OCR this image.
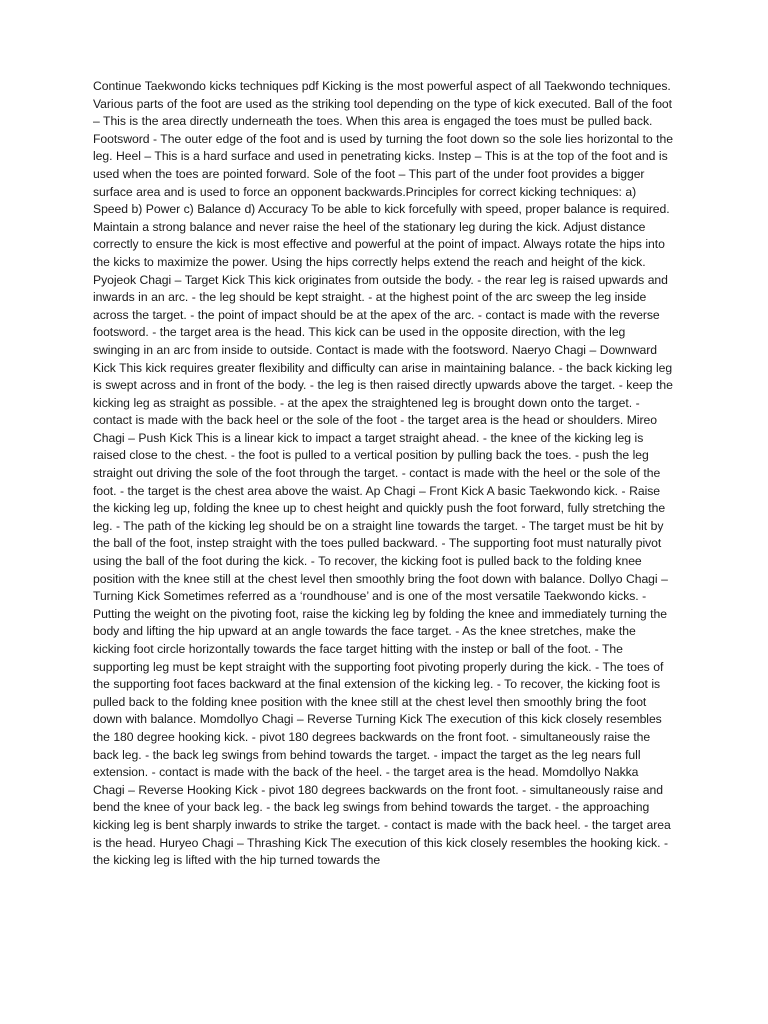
Continue Taekwondo kicks techniques pdf Kicking is the most powerful aspect of all Taekwondo techniques. Various parts of the foot are used as the striking tool depending on the type of kick executed. Ball of the foot – This is the area directly underneath the toes. When this area is engaged the toes must be pulled back. Footsword - The outer edge of the foot and is used by turning the foot down so the sole lies horizontal to the leg. Heel – This is a hard surface and used in penetrating kicks. Instep – This is at the top of the foot and is used when the toes are pointed forward. Sole of the foot – This part of the under foot provides a bigger surface area and is used to force an opponent backwards.Principles for correct kicking techniques: a) Speed b) Power c) Balance d) Accuracy To be able to kick forcefully with speed, proper balance is required. Maintain a strong balance and never raise the heel of the stationary leg during the kick. Adjust distance correctly to ensure the kick is most effective and powerful at the point of impact. Always rotate the hips into the kicks to maximize the power. Using the hips correctly helps extend the reach and height of the kick. Pyojeok Chagi – Target Kick This kick originates from outside the body. - the rear leg is raised upwards and inwards in an arc. - the leg should be kept straight. - at the highest point of the arc sweep the leg inside across the target. - the point of impact should be at the apex of the arc. - contact is made with the reverse footsword. - the target area is the head. This kick can be used in the opposite direction, with the leg swinging in an arc from inside to outside. Contact is made with the footsword. Naeryo Chagi – Downward Kick This kick requires greater flexibility and difficulty can arise in maintaining balance. - the back kicking leg is swept across and in front of the body. - the leg is then raised directly upwards above the target. - keep the kicking leg as straight as possible. - at the apex the straightened leg is brought down onto the target. - contact is made with the back heel or the sole of the foot - the target area is the head or shoulders. Mireo Chagi – Push Kick This is a linear kick to impact a target straight ahead. - the knee of the kicking leg is raised close to the chest. - the foot is pulled to a vertical position by pulling back the toes. - push the leg straight out driving the sole of the foot through the target. - contact is made with the heel or the sole of the foot. - the target is the chest area above the waist. Ap Chagi – Front Kick A basic Taekwondo kick. - Raise the kicking leg up, folding the knee up to chest height and quickly push the foot forward, fully stretching the leg. - The path of the kicking leg should be on a straight line towards the target. - The target must be hit by the ball of the foot, instep straight with the toes pulled backward. - The supporting foot must naturally pivot using the ball of the foot during the kick. - To recover, the kicking foot is pulled back to the folding knee position with the knee still at the chest level then smoothly bring the foot down with balance. Dollyo Chagi – Turning Kick Sometimes referred as a ‘roundhouse’ and is one of the most versatile Taekwondo kicks. - Putting the weight on the pivoting foot, raise the kicking leg by folding the knee and immediately turning the body and lifting the hip upward at an angle towards the face target. - As the knee stretches, make the kicking foot circle horizontally towards the face target hitting with the instep or ball of the foot. - The supporting leg must be kept straight with the supporting foot pivoting properly during the kick. - The toes of the supporting foot faces backward at the final extension of the kicking leg. - To recover, the kicking foot is pulled back to the folding knee position with the knee still at the chest level then smoothly bring the foot down with balance. Momdollyo Chagi – Reverse Turning Kick The execution of this kick closely resembles the 180 degree hooking kick. - pivot 180 degrees backwards on the front foot. - simultaneously raise the back leg. - the back leg swings from behind towards the target. - impact the target as the leg nears full extension. - contact is made with the back of the heel. - the target area is the head. Momdollyo Nakka Chagi – Reverse Hooking Kick - pivot 180 degrees backwards on the front foot. - simultaneously raise and bend the knee of your back leg. - the back leg swings from behind towards the target. - the approaching kicking leg is bent sharply inwards to strike the target. - contact is made with the back heel. - the target area is the head. Huryeo Chagi – Thrashing Kick The execution of this kick closely resembles the hooking kick. - the kicking leg is lifted with the hip turned towards the
